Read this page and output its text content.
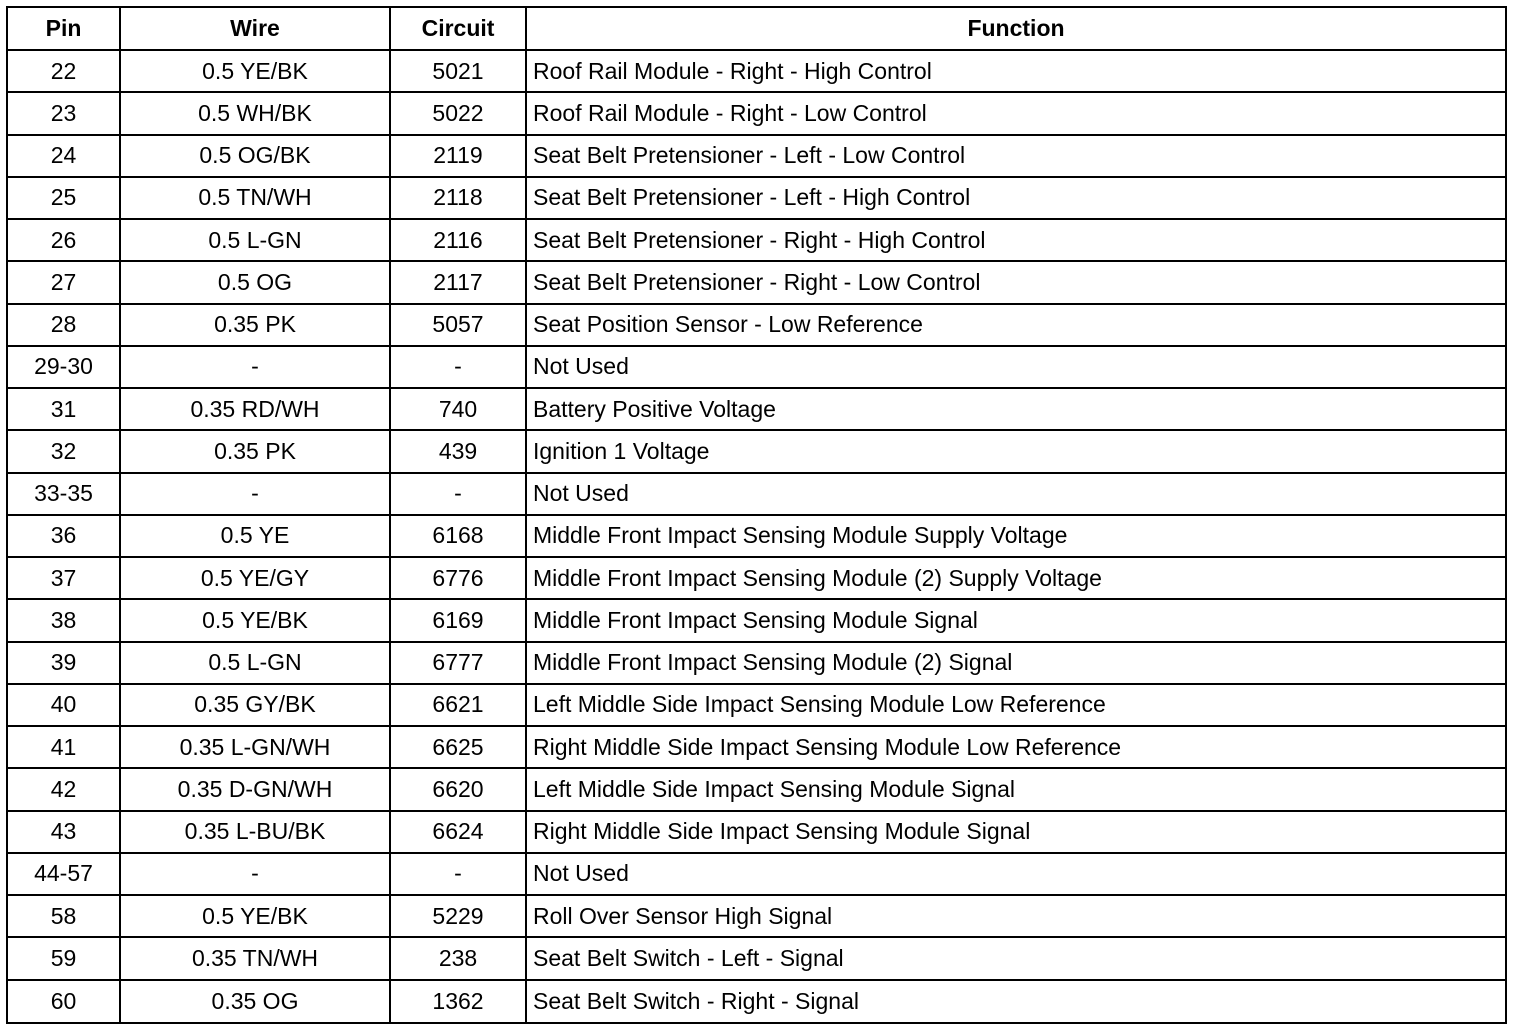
Pin	Wire	Circuit	Function
22	0.5 YE/BK	5021	Roof Rail Module - Right - High Control
23	0.5 WH/BK	5022	Roof Rail Module - Right - Low Control
24	0.5 OG/BK	2119	Seat Belt Pretensioner - Left - Low Control
25	0.5 TN/WH	2118	Seat Belt Pretensioner - Left - High Control
26	0.5 L-GN	2116	Seat Belt Pretensioner - Right - High Control
27	0.5 OG	2117	Seat Belt Pretensioner - Right - Low Control
28	0.35 PK	5057	Seat Position Sensor - Low Reference
29-30	-	-	Not Used
31	0.35 RD/WH	740	Battery Positive Voltage
32	0.35 PK	439	Ignition 1 Voltage
33-35	-	-	Not Used
36	0.5 YE	6168	Middle Front Impact Sensing Module Supply Voltage
37	0.5 YE/GY	6776	Middle Front Impact Sensing Module (2) Supply Voltage
38	0.5 YE/BK	6169	Middle Front Impact Sensing Module Signal
39	0.5 L-GN	6777	Middle Front Impact Sensing Module (2) Signal
40	0.35 GY/BK	6621	Left Middle Side Impact Sensing Module Low Reference
41	0.35 L-GN/WH	6625	Right Middle Side Impact Sensing Module Low Reference
42	0.35 D-GN/WH	6620	Left Middle Side Impact Sensing Module Signal
43	0.35 L-BU/BK	6624	Right Middle Side Impact Sensing Module Signal
44-57	-	-	Not Used
58	0.5 YE/BK	5229	Roll Over Sensor High Signal
59	0.35 TN/WH	238	Seat Belt Switch - Left - Signal
60	0.35 OG	1362	Seat Belt Switch - Right - Signal
